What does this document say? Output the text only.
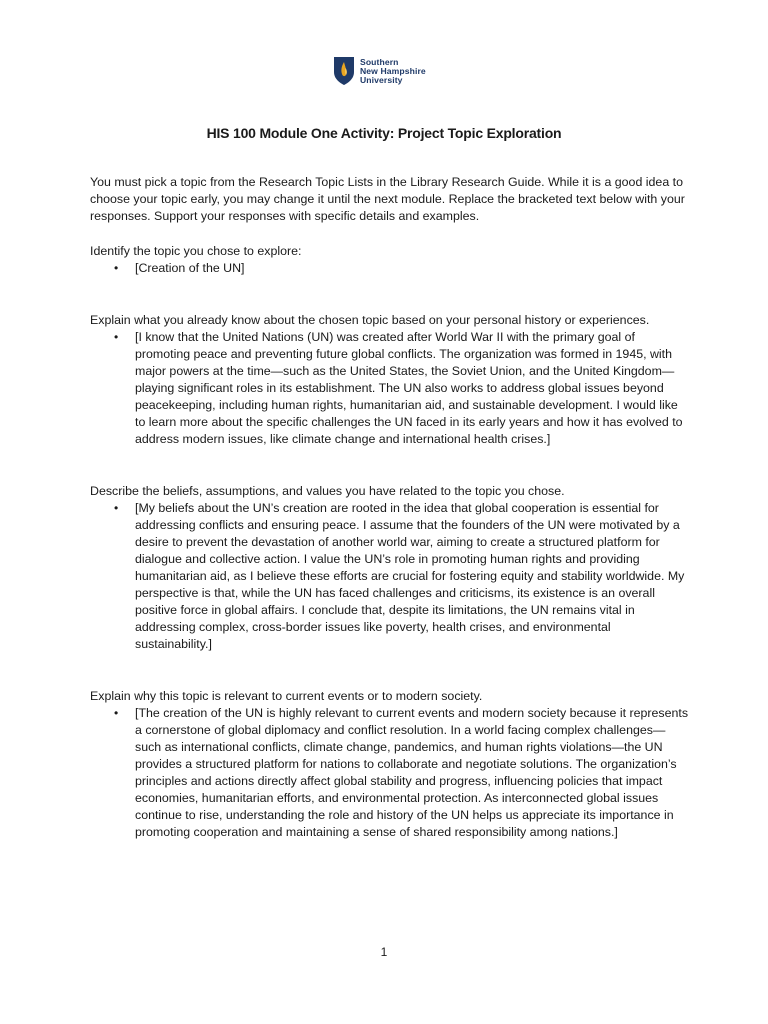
Southern
New Hampshire
University
HIS 100 Module One Activity: Project Topic Exploration

You must pick a topic from the Research Topic Lists in the Library Research Guide. While it is a good idea to choose your topic early, you may change it until the next module. Replace the bracketed text below with your responses. Support your responses with specific details and examples.

Identify the topic you chose to explore:

• [Creation of the UN]

Explain what you already know about the chosen topic based on your personal history or experiences.

• [I know that the United Nations (UN) was created after World War II with the primary goal of promoting peace and preventing future global conflicts. The organization was formed in 1945, with major powers at the time—such as the United States, the Soviet Union, and the United Kingdom—playing significant roles in its establishment. The UN also works to address global issues beyond peacekeeping, including human rights, humanitarian aid, and sustainable development. I would like to learn more about the specific challenges the UN faced in its early years and how it has evolved to address modern issues, like climate change and international health crises.]

Describe the beliefs, assumptions, and values you have related to the topic you chose.

• [My beliefs about the UN’s creation are rooted in the idea that global cooperation is essential for addressing conflicts and ensuring peace. I assume that the founders of the UN were motivated by a desire to prevent the devastation of another world war, aiming to create a structured platform for dialogue and collective action. I value the UN’s role in promoting human rights and providing humanitarian aid, as I believe these efforts are crucial for fostering equity and stability worldwide. My perspective is that, while the UN has faced challenges and criticisms, its existence is an overall positive force in global affairs. I conclude that, despite its limitations, the UN remains vital in addressing complex, cross-border issues like poverty, health crises, and environmental sustainability.]

Explain why this topic is relevant to current events or to modern society.

• [The creation of the UN is highly relevant to current events and modern society because it represents a cornerstone of global diplomacy and conflict resolution. In a world facing complex challenges—such as international conflicts, climate change, pandemics, and human rights violations—the UN provides a structured platform for nations to collaborate and negotiate solutions. The organization’s principles and actions directly affect global stability and progress, influencing policies that impact economies, humanitarian efforts, and environmental protection. As interconnected global issues continue to rise, understanding the role and history of the UN helps us appreciate its importance in promoting cooperation and maintaining a sense of shared responsibility among nations.]
1
